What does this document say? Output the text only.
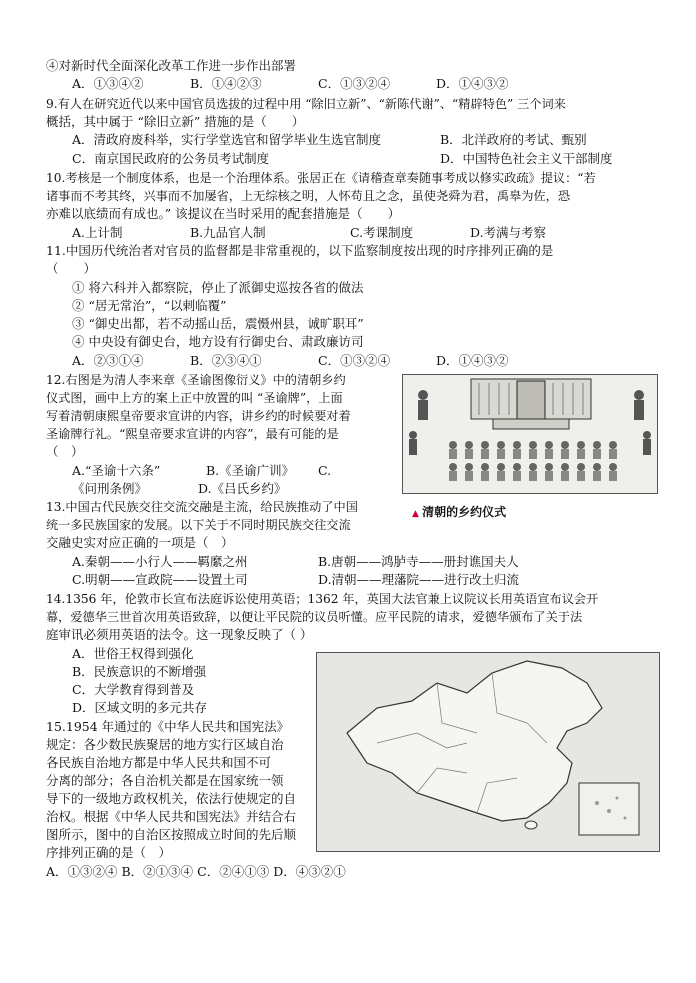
④对新时代全面深化改革工作进一步作出部署
A．①③④②	B．①④②③	C．①③②④	D．①④③②
9.有人在研究近代以来中国官员选拔的过程中用 “除旧立新”、“新陈代谢”、“精辟特色” 三个词来
概括，其中属于 “除旧立新” 措施的是（　　）
A．清政府废科举，实行学堂选官和留学毕业生选官制度	B．北洋政府的考试、甄别
C．南京国民政府的公务员考试制度	D．中国特色社会主义干部制度
10.考核是一个制度体系，也是一个治理体系。张居正在《请稽查章奏随事考成以修实政疏》提议：“若
诸事而不考其终，兴事而不加屡省，上无综核之明，人怀苟且之念，虽使尧舜为君，禹皋为佐，恐
亦难以底绩而有成也。” 该提议在当时采用的配套措施是（　　）
A.上计制	B.九品官人制	C.考课制度	D.考满与考察
11.中国历代统治者对官员的监督都是非常重视的，以下监察制度按出现的时序排列正确的是
（　　）
① 将六科并入都察院，停止了派御史巡按各省的做法
② “居无常治”，“以剌临覆”
③ “御史出都，若不动摇山岳，震慑州县，诚旷职耳”
④ 中央设有御史台，地方设有行御史台、肃政廉访司
A．②③①④	B．②③④①	C．①③②④	D．①④③②
12.右图是为清人李来章《圣谕图像衍义》中的清朝乡约
仪式图，画中上方的案上正中放置的叫 “圣谕牌”，上面
写着清朝康熙皇帝要求宣讲的内容，讲乡约的时候要对着
圣谕牌行礼。“熙皇帝要求宣讲的内容”，最有可能的是
（　）
A.“圣谕十六条”	B.《圣谕广训》 C.
《问刑条例》	D.《吕氏乡约》
▲ 清朝的乡约仪式
13.中国古代民族交往交流交融是主流，给民族推动了中国
统一多民族国家的发展。以下关于不同时期民族交往交流
交融史实对应正确的一项是（　）
A.秦朝——小行人——羁縻之州	B.唐朝——鸿胪寺——册封谯国夫人
C.明朝——宣政院——设置土司	D.清朝——理藩院——进行改土归流
14.1356 年，伦敦市长宣布法庭诉讼使用英语；1362 年，英国大法官兼上议院议长用英语宣布议会开
幕，爱德华三世首次用英语致辞，以便让平民院的议员听懂。应平民院的请求，爱德华颁布了关于法
庭审讯必须用英语的法令。这一现象反映了（ ）
A．世俗王权得到强化
B．民族意识的不断增强
C．大学教育得到普及
D．区域文明的多元共存
15.1954 年通过的《中华人民共和国宪法》
规定：各少数民族聚居的地方实行区域自治
各民族自治地方都是中华人民共和国不可
分离的部分；各自治机关都是在国家统一领
导下的一级地方政权机关，依法行使规定的自
治权。根据《中华人民共和国宪法》并结合右
图所示，图中的自治区按照成立时间的先后顺
序排列正确的是（　）
A．①③②④ B．②①③④ C．②④①③ D．④③②①
